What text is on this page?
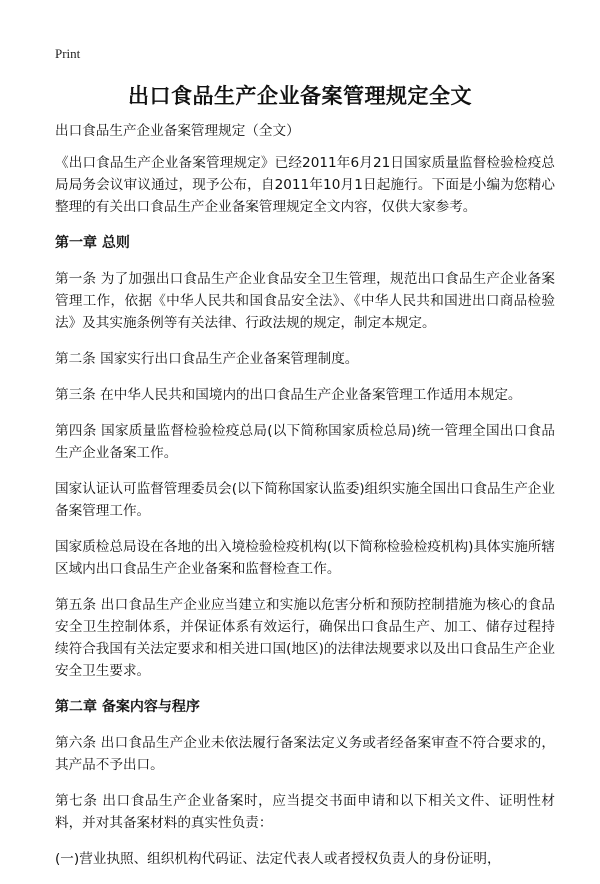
Print
出口食品生产企业备案管理规定全文

出口食品生产企业备案管理规定（全文）

《出口食品生产企业备案管理规定》已经2011年6月21日国家质量监督检验检疫总局局务会议审议通过，现予公布，自2011年10月1日起施行。下面是小编为您精心整理的有关出口食品生产企业备案管理规定全文内容，仅供大家参考。

第一章 总则

第一条 为了加强出口食品生产企业食品安全卫生管理，规范出口食品生产企业备案管理工作，依据《中华人民共和国食品安全法》、《中华人民共和国进出口商品检验法》及其实施条例等有关法律、行政法规的规定，制定本规定。

第二条 国家实行出口食品生产企业备案管理制度。

第三条 在中华人民共和国境内的出口食品生产企业备案管理工作适用本规定。

第四条 国家质量监督检验检疫总局(以下简称国家质检总局)统一管理全国出口食品生产企业备案工作。

国家认证认可监督管理委员会(以下简称国家认监委)组织实施全国出口食品生产企业备案管理工作。

国家质检总局设在各地的出入境检验检疫机构(以下简称检验检疫机构)具体实施所辖区域内出口食品生产企业备案和监督检查工作。

第五条 出口食品生产企业应当建立和实施以危害分析和预防控制措施为核心的食品安全卫生控制体系，并保证体系有效运行，确保出口食品生产、加工、储存过程持续符合我国有关法定要求和相关进口国(地区)的法律法规要求以及出口食品生产企业安全卫生要求。

第二章 备案内容与程序

第六条 出口食品生产企业未依法履行备案法定义务或者经备案审查不符合要求的，其产品不予出口。

第七条 出口食品生产企业备案时，应当提交书面申请和以下相关文件、证明性材料，并对其备案材料的真实性负责：

(一)营业执照、组织机构代码证、法定代表人或者授权负责人的身份证明，
